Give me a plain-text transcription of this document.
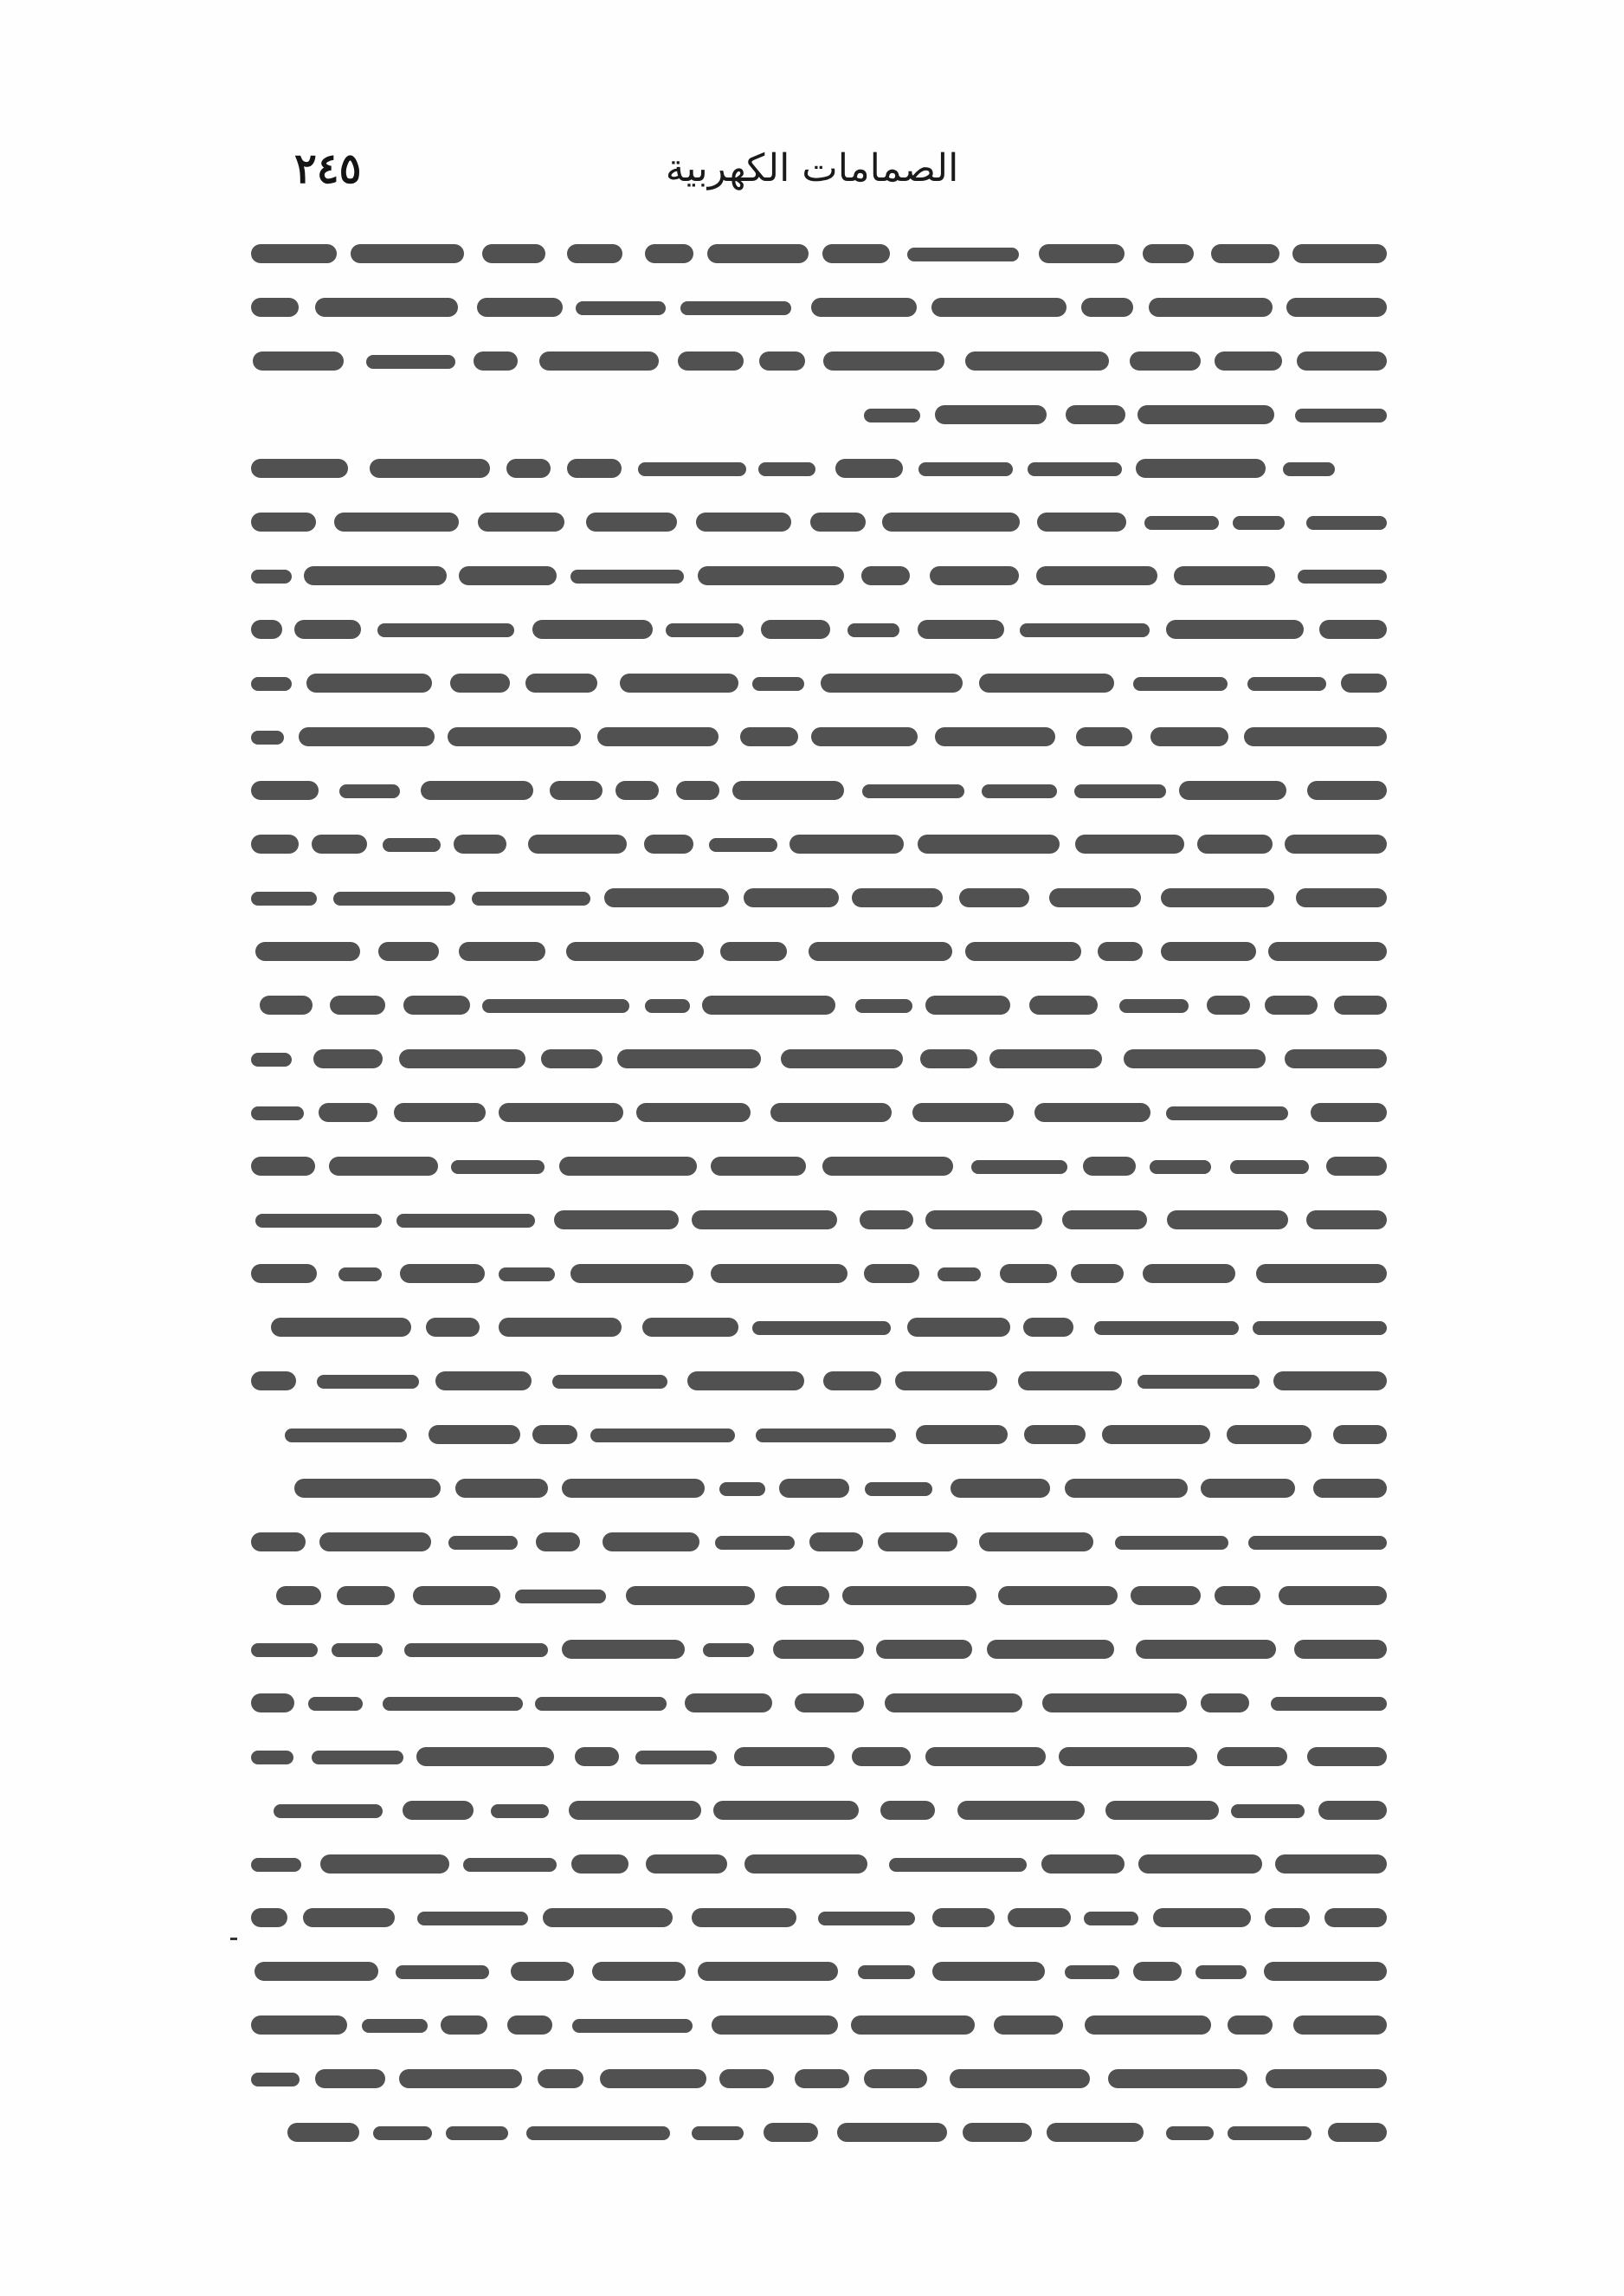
الصمامات الكهربية
٢٤٥
